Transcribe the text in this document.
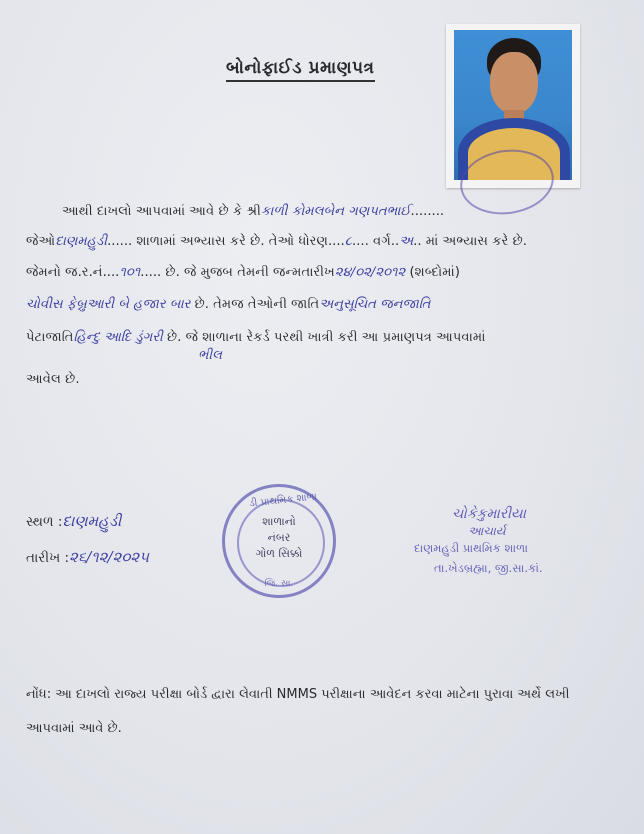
બોનોફાઈડ પ્રમાણપત્ર
આથી દાખલો આપવામાં આવે છે કે શ્રીકાળી કોમલબેન ગણપતભાઈ........
જેઓદાણમહુડી...... શાળામાં અભ્યાસ કરે છે. તેઓ ધોરણ....૮.... વર્ગ..અ.. માં અભ્યાસ કરે છે.
જેમનો જ.ર.નં....૧૦૧..... છે. જે મુજબ તેમની જન્મતારીખ૨૪/૦૨/૨૦૧૨ (શબ્દોમાં)
ચોવીસ ફેબ્રુઆરી બે હજાર બાર છે. તેમજ તેઓની જાતિઅનુસૂચિત જનજાતિ
પેટાજાતિહિન્દુ આદિ ડુંગરી છે. જે શાળાના રેકર્ડ પરથી ખાત્રી કરી આ પ્રમાણપત્ર આપવામાં
ભીલ
આવેલ છે.
સ્થળ :દાણમહુડી
તારીખ :૨૬/૧૨/૨૦૨૫
ડી પ્રાથમિક શાળા
શાળાનો
નંબર
ગોળ સિક્કો
જિ. સા.
ચોકેકુમારીયા
આચાર્ય
દાણમહુડી પ્રાથમિક શાળા
તા.ખેડબ્રહ્મા, જી.સા.કાં.
નોંધ: આ દાખલો રાજ્ય પરીક્ષા બોર્ડ દ્વારા લેવાતી NMMS પરીક્ષાના આવેદન કરવા માટેના પુરાવા અર્થે લખી આપવામાં આવે છે.
